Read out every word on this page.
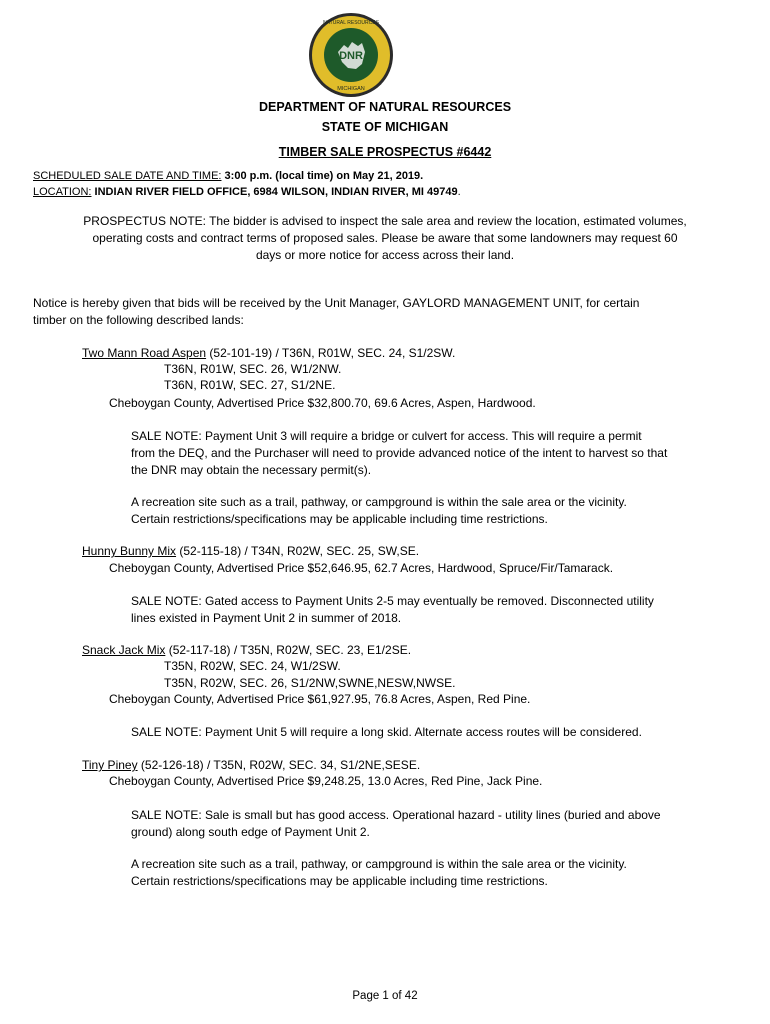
DNR
MICHIGAN
NATURAL RESOURCES
DEPARTMENT OF NATURAL RESOURCES
STATE OF MICHIGAN
TIMBER SALE PROSPECTUS #6442
SCHEDULED SALE DATE AND TIME: 3:00 p.m. (local time) on May 21, 2019.
LOCATION: INDIAN RIVER FIELD OFFICE, 6984 WILSON, INDIAN RIVER, MI 49749.
PROSPECTUS NOTE: The bidder is advised to inspect the sale area and review the location, estimated volumes,
operating costs and contract terms of proposed sales. Please be aware that some landowners may request 60
days or more notice for access across their land.
Notice is hereby given that bids will be received by the Unit Manager, GAYLORD MANAGEMENT UNIT, for certain
timber on the following described lands:
Two Mann Road Aspen (52-101-19) / T36N, R01W, SEC. 24, S1/2SW.
T36N, R01W, SEC. 26, W1/2NW.
T36N, R01W, SEC. 27, S1/2NE.
Cheboygan County, Advertised Price $32,800.70, 69.6 Acres, Aspen, Hardwood.
SALE NOTE: Payment Unit 3 will require a bridge or culvert for access. This will require a permit
from the DEQ, and the Purchaser will need to provide advanced notice of the intent to harvest so that
the DNR may obtain the necessary permit(s).
A recreation site such as a trail, pathway, or campground is within the sale area or the vicinity.
Certain restrictions/specifications may be applicable including time restrictions.
Hunny Bunny Mix (52-115-18) / T34N, R02W, SEC. 25, SW,SE.
Cheboygan County, Advertised Price $52,646.95, 62.7 Acres, Hardwood, Spruce/Fir/Tamarack.
SALE NOTE: Gated access to Payment Units 2-5 may eventually be removed. Disconnected utility
lines existed in Payment Unit 2 in summer of 2018.
Snack Jack Mix (52-117-18) / T35N, R02W, SEC. 23, E1/2SE.
T35N, R02W, SEC. 24, W1/2SW.
T35N, R02W, SEC. 26, S1/2NW,SWNE,NESW,NWSE.
Cheboygan County, Advertised Price $61,927.95, 76.8 Acres, Aspen, Red Pine.
SALE NOTE: Payment Unit 5 will require a long skid. Alternate access routes will be considered.
Tiny Piney (52-126-18) / T35N, R02W, SEC. 34, S1/2NE,SESE.
Cheboygan County, Advertised Price $9,248.25, 13.0 Acres, Red Pine, Jack Pine.
SALE NOTE: Sale is small but has good access. Operational hazard - utility lines (buried and above
ground) along south edge of Payment Unit 2.
A recreation site such as a trail, pathway, or campground is within the sale area or the vicinity.
Certain restrictions/specifications may be applicable including time restrictions.
Page 1 of 42
